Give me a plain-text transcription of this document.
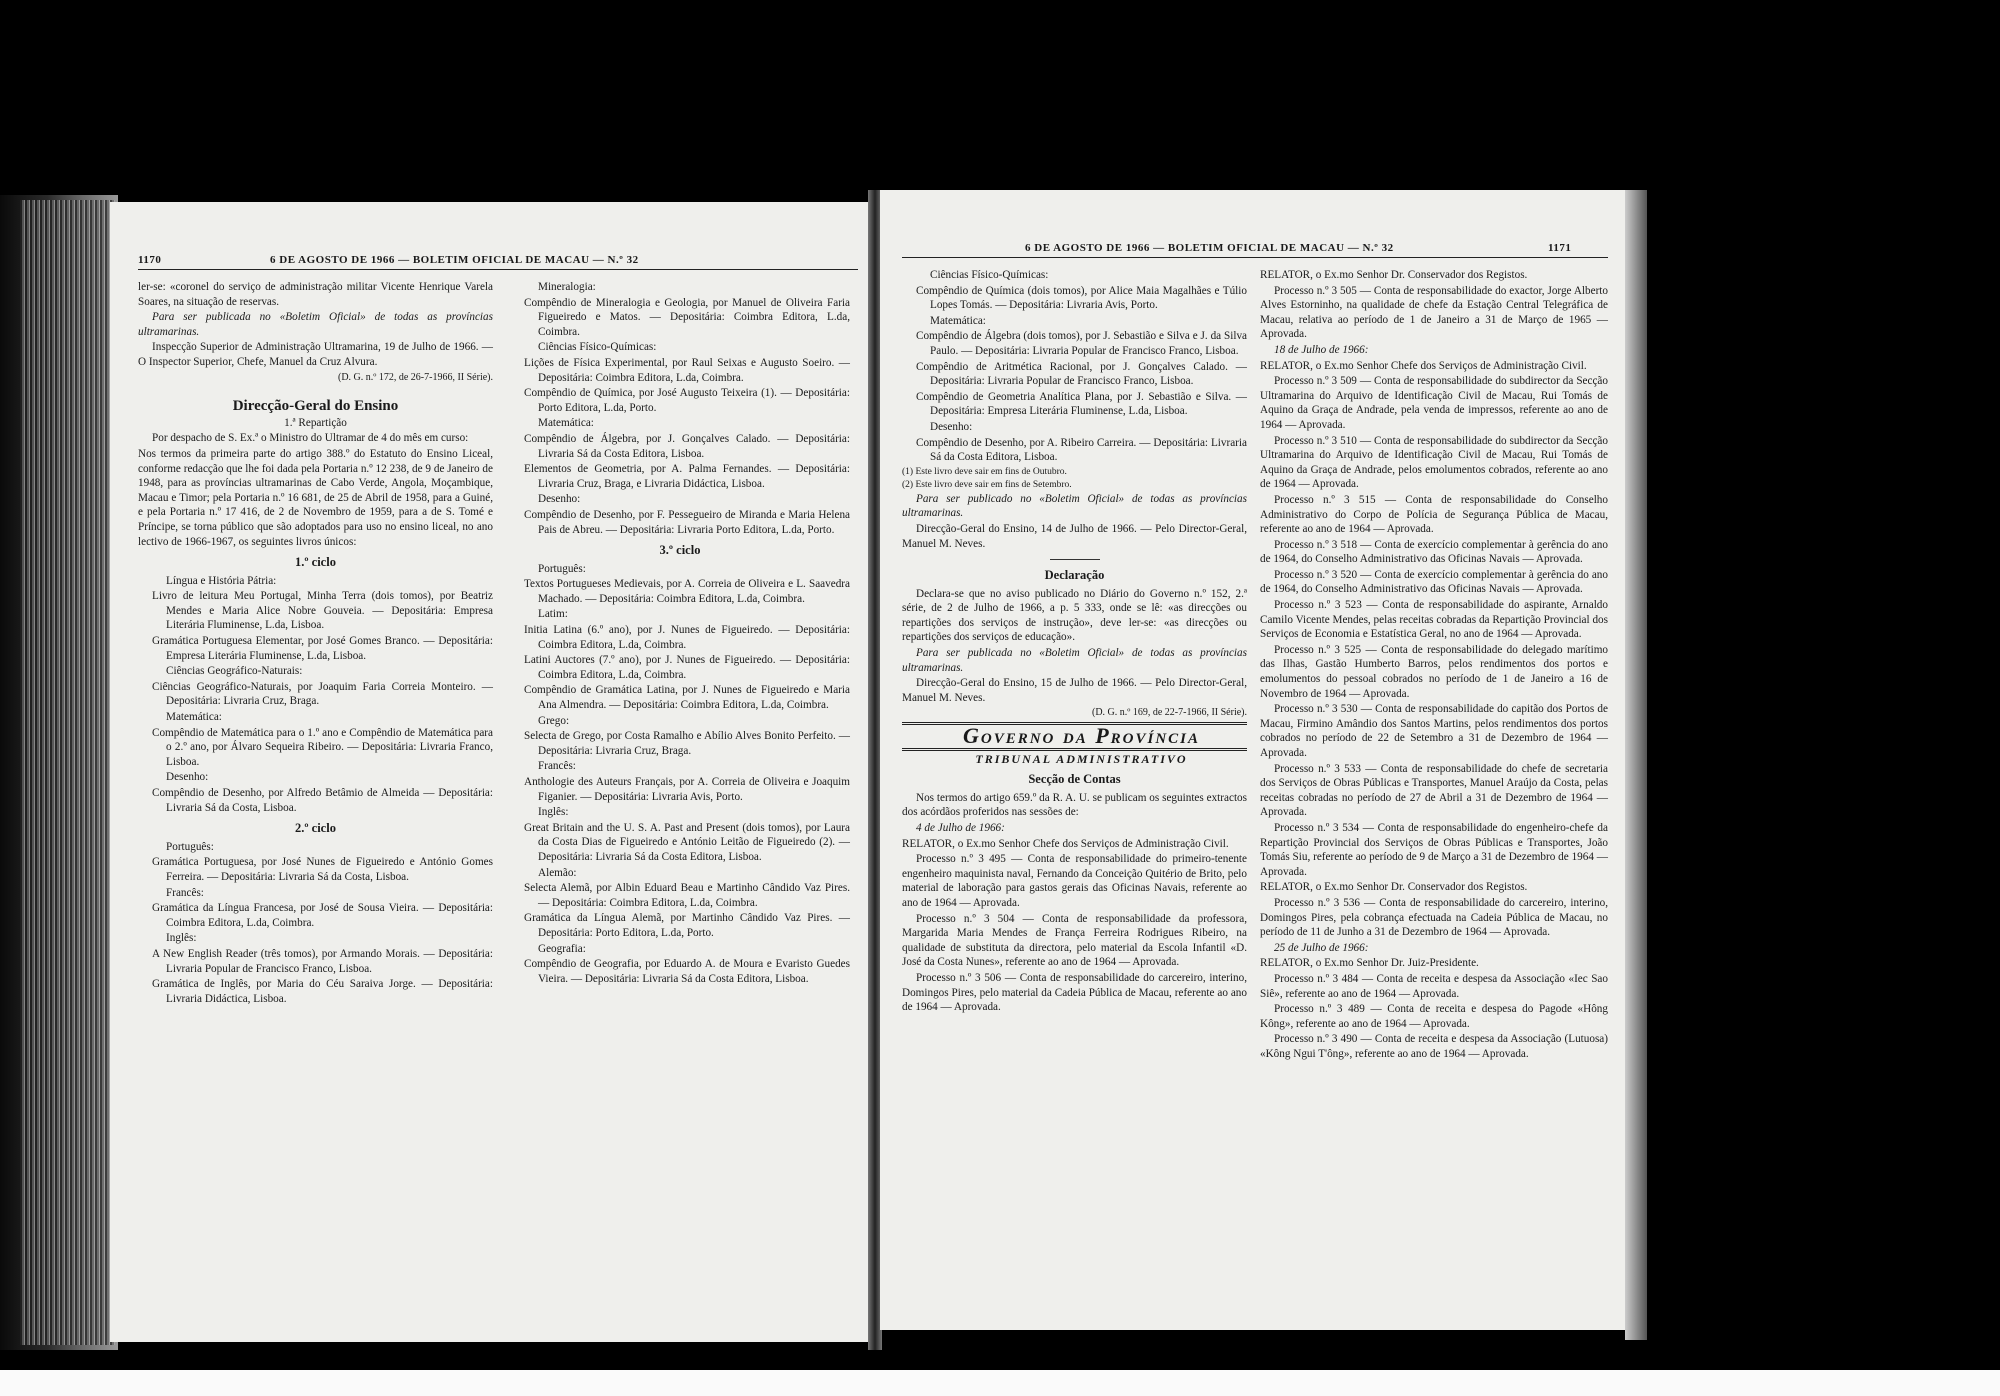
1170	6 DE AGOSTO DE 1966 — BOLETIM OFICIAL DE MACAU — N.º 32

ler-se: «coronel do serviço de administração militar Vicente Henrique Varela Soares, na situação de reservas.

Para ser publicada no «Boletim Oficial» de todas as províncias ultramarinas.

Inspecção Superior de Administração Ultramarina, 19 de Julho de 1966. — O Inspector Superior, Chefe, Manuel da Cruz Alvura.

(D. G. n.º 172, de 26-7-1966, II Série).

Direcção-Geral do Ensino

1.ª Repartição

Por despacho de S. Ex.ª o Ministro do Ultramar de 4 do mês em curso:

Nos termos da primeira parte do artigo 388.º do Estatuto do Ensino Liceal, conforme redacção que lhe foi dada pela Portaria n.º 12 238, de 9 de Janeiro de 1948, para as províncias ultramarinas de Cabo Verde, Angola, Moçambique, Macau e Timor; pela Portaria n.º 16 681, de 25 de Abril de 1958, para a Guiné, e pela Portaria n.º 17 416, de 2 de Novembro de 1959, para a de S. Tomé e Príncipe, se torna público que são adoptados para uso no ensino liceal, no ano lectivo de 1966-1967, os seguintes livros únicos:

1.º ciclo

Língua e História Pátria:

Livro de leitura Meu Portugal, Minha Terra (dois tomos), por Beatriz Mendes e Maria Alice Nobre Gouveia. — Depositária: Empresa Literária Fluminense, L.da, Lisboa.

Gramática Portuguesa Elementar, por José Gomes Branco. — Depositária: Empresa Literária Fluminense, L.da, Lisboa.

Ciências Geográfico-Naturais:

Ciências Geográfico-Naturais, por Joaquim Faria Correia Monteiro. — Depositária: Livraria Cruz, Braga.

Matemática:

Compêndio de Matemática para o 1.º ano e Compêndio de Matemática para o 2.º ano, por Álvaro Sequeira Ribeiro. — Depositária: Livraria Franco, Lisboa.

Desenho:

Compêndio de Desenho, por Alfredo Betâmio de Almeida — Depositária: Livraria Sá da Costa, Lisboa.

2.º ciclo

Português:

Gramática Portuguesa, por José Nunes de Figueiredo e António Gomes Ferreira. — Depositária: Livraria Sá da Costa, Lisboa.

Francês:

Gramática da Língua Francesa, por José de Sousa Vieira. — Depositária: Coimbra Editora, L.da, Coimbra.

Inglês:

A New English Reader (três tomos), por Armando Morais. — Depositária: Livraria Popular de Francisco Franco, Lisboa.

Gramática de Inglês, por Maria do Céu Saraiva Jorge. — Depositária: Livraria Didáctica, Lisboa.

Mineralogia:

Compêndio de Mineralogia e Geologia, por Manuel de Oliveira Faria Figueiredo e Matos. — Depositária: Coimbra Editora, L.da, Coimbra.

Ciências Físico-Químicas:

Lições de Física Experimental, por Raul Seixas e Augusto Soeiro. — Depositária: Coimbra Editora, L.da, Coimbra.

Compêndio de Química, por José Augusto Teixeira (1). — Depositária: Porto Editora, L.da, Porto.

Matemática:

Compêndio de Álgebra, por J. Gonçalves Calado. — Depositária: Livraria Sá da Costa Editora, Lisboa.

Elementos de Geometria, por A. Palma Fernandes. — Depositária: Livraria Cruz, Braga, e Livraria Didáctica, Lisboa.

Desenho:

Compêndio de Desenho, por F. Pessegueiro de Miranda e Maria Helena Pais de Abreu. — Depositária: Livraria Porto Editora, L.da, Porto.

3.º ciclo

Português:

Textos Portugueses Medievais, por A. Correia de Oliveira e L. Saavedra Machado. — Depositária: Coimbra Editora, L.da, Coimbra.

Latim:

Initia Latina (6.º ano), por J. Nunes de Figueiredo. — Depositária: Coimbra Editora, L.da, Coimbra.

Latini Auctores (7.º ano), por J. Nunes de Figueiredo. — Depositária: Coimbra Editora, L.da, Coimbra.

Compêndio de Gramática Latina, por J. Nunes de Figueiredo e Maria Ana Almendra. — Depositária: Coimbra Editora, L.da, Coimbra.

Grego:

Selecta de Grego, por Costa Ramalho e Abílio Alves Bonito Perfeito. — Depositária: Livraria Cruz, Braga.

Francês:

Anthologie des Auteurs Français, por A. Correia de Oliveira e Joaquim Figanier. — Depositária: Livraria Avis, Porto.

Inglês:

Great Britain and the U. S. A. Past and Present (dois tomos), por Laura da Costa Dias de Figueiredo e António Leitão de Figueiredo (2). — Depositária: Livraria Sá da Costa Editora, Lisboa.

Alemão:

Selecta Alemã, por Albin Eduard Beau e Martinho Cândido Vaz Pires. — Depositária: Coimbra Editora, L.da, Coimbra.

Gramática da Língua Alemã, por Martinho Cândido Vaz Pires. — Depositária: Porto Editora, L.da, Porto.

Geografia:

Compêndio de Geografia, por Eduardo A. de Moura e Evaristo Guedes Vieira. — Depositária: Livraria Sá da Costa Editora, Lisboa.

6 DE AGOSTO DE 1966 — BOLETIM OFICIAL DE MACAU — N.º 32	1171

Ciências Físico-Químicas:

Compêndio de Química (dois tomos), por Alice Maia Magalhães e Túlio Lopes Tomás. — Depositária: Livraria Avis, Porto.

Matemática:

Compêndio de Álgebra (dois tomos), por J. Sebastião e Silva e J. da Silva Paulo. — Depositária: Livraria Popular de Francisco Franco, Lisboa.

Compêndio de Aritmética Racional, por J. Gonçalves Calado. — Depositária: Livraria Popular de Francisco Franco, Lisboa.

Compêndio de Geometria Analítica Plana, por J. Sebastião e Silva. — Depositária: Empresa Literária Fluminense, L.da, Lisboa.

Desenho:

Compêndio de Desenho, por A. Ribeiro Carreira. — Depositária: Livraria Sá da Costa Editora, Lisboa.

(1) Este livro deve sair em fins de Outubro.

(2) Este livro deve sair em fins de Setembro.

Para ser publicado no «Boletim Oficial» de todas as províncias ultramarinas.

Direcção-Geral do Ensino, 14 de Julho de 1966. — Pelo Director-Geral, Manuel M. Neves.

Declaração

Declara-se que no aviso publicado no Diário do Governo n.º 152, 2.ª série, de 2 de Julho de 1966, a p. 5 333, onde se lê: «as direcções ou repartições dos serviços de instrução», deve ler-se: «as direcções ou repartições dos serviços de educação».

Para ser publicada no «Boletim Oficial» de todas as províncias ultramarinas.

Direcção-Geral do Ensino, 15 de Julho de 1966. — Pelo Director-Geral, Manuel M. Neves.

(D. G. n.º 169, de 22-7-1966, II Série).

Governo da Província

TRIBUNAL ADMINISTRATIVO

Secção de Contas

Nos termos do artigo 659.º da R. A. U. se publicam os seguintes extractos dos acórdãos proferidos nas sessões de:

4 de Julho de 1966:

RELATOR, o Ex.mo Senhor Chefe dos Serviços de Administração Civil.

Processo n.º 3 495 — Conta de responsabilidade do primeiro-tenente engenheiro maquinista naval, Fernando da Conceição Quitério de Brito, pelo material de laboração para gastos gerais das Oficinas Navais, referente ao ano de 1964 — Aprovada.

Processo n.º 3 504 — Conta de responsabilidade da professora, Margarida Maria Mendes de França Ferreira Rodrigues Ribeiro, na qualidade de substituta da directora, pelo material da Escola Infantil «D. José da Costa Nunes», referente ao ano de 1964 — Aprovada.

Processo n.º 3 506 — Conta de responsabilidade do carcereiro, interino, Domingos Pires, pelo material da Cadeia Pública de Macau, referente ao ano de 1964 — Aprovada.

RELATOR, o Ex.mo Senhor Dr. Conservador dos Registos.

Processo n.º 3 505 — Conta de responsabilidade do exactor, Jorge Alberto Alves Estorninho, na qualidade de chefe da Estação Central Telegráfica de Macau, relativa ao período de 1 de Janeiro a 31 de Março de 1965 — Aprovada.

18 de Julho de 1966:

RELATOR, o Ex.mo Senhor Chefe dos Serviços de Administração Civil.

Processo n.º 3 509 — Conta de responsabilidade do subdirector da Secção Ultramarina do Arquivo de Identificação Civil de Macau, Rui Tomás de Aquino da Graça de Andrade, pela venda de impressos, referente ao ano de 1964 — Aprovada.

Processo n.º 3 510 — Conta de responsabilidade do subdirector da Secção Ultramarina do Arquivo de Identificação Civil de Macau, Rui Tomás de Aquino da Graça de Andrade, pelos emolumentos cobrados, referente ao ano de 1964 — Aprovada.

Processo n.º 3 515 — Conta de responsabilidade do Conselho Administrativo do Corpo de Polícia de Segurança Pública de Macau, referente ao ano de 1964 — Aprovada.

Processo n.º 3 518 — Conta de exercício complementar à gerência do ano de 1964, do Conselho Administrativo das Oficinas Navais — Aprovada.

Processo n.º 3 520 — Conta de exercício complementar à gerência do ano de 1964, do Conselho Administrativo das Oficinas Navais — Aprovada.

Processo n.º 3 523 — Conta de responsabilidade do aspirante, Arnaldo Camilo Vicente Mendes, pelas receitas cobradas da Repartição Provincial dos Serviços de Economia e Estatística Geral, no ano de 1964 — Aprovada.

Processo n.º 3 525 — Conta de responsabilidade do delegado marítimo das Ilhas, Gastão Humberto Barros, pelos rendimentos dos portos e emolumentos do pessoal cobrados no período de 1 de Janeiro a 16 de Novembro de 1964 — Aprovada.

Processo n.º 3 530 — Conta de responsabilidade do capitão dos Portos de Macau, Firmino Amândio dos Santos Martins, pelos rendimentos dos portos cobrados no período de 22 de Setembro a 31 de Dezembro de 1964 — Aprovada.

Processo n.º 3 533 — Conta de responsabilidade do chefe de secretaria dos Serviços de Obras Públicas e Transportes, Manuel Araújo da Costa, pelas receitas cobradas no período de 27 de Abril a 31 de Dezembro de 1964 — Aprovada.

Processo n.º 3 534 — Conta de responsabilidade do engenheiro-chefe da Repartição Provincial dos Serviços de Obras Públicas e Transportes, João Tomás Siu, referente ao período de 9 de Março a 31 de Dezembro de 1964 — Aprovada.

RELATOR, o Ex.mo Senhor Dr. Conservador dos Registos.

Processo n.º 3 536 — Conta de responsabilidade do carcereiro, interino, Domingos Pires, pela cobrança efectuada na Cadeia Pública de Macau, no período de 11 de Junho a 31 de Dezembro de 1964 — Aprovada.

25 de Julho de 1966:

RELATOR, o Ex.mo Senhor Dr. Juiz-Presidente.

Processo n.º 3 484 — Conta de receita e despesa da Associação «Iec Sao Siê», referente ao ano de 1964 — Aprovada.

Processo n.º 3 489 — Conta de receita e despesa do Pagode «Hông Kông», referente ao ano de 1964 — Aprovada.

Processo n.º 3 490 — Conta de receita e despesa da Associação (Lutuosa) «Kông Ngui T'ông», referente ao ano de 1964 — Aprovada.
